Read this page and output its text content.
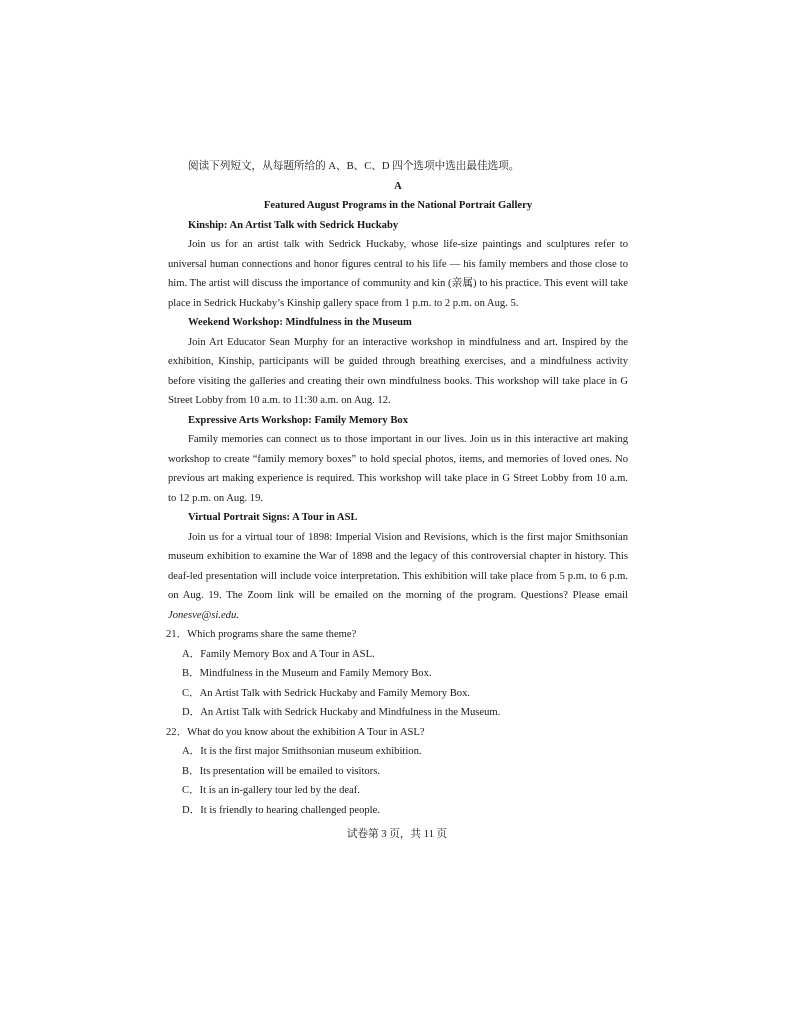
阅读下列短文，从每题所给的 A、B、C、D 四个选项中选出最佳选项。

A

Featured August Programs in the National Portrait Gallery

Kinship: An Artist Talk with Sedrick Huckaby

Join us for an artist talk with Sedrick Huckaby, whose life-size paintings and sculptures refer to universal human connections and honor figures central to his life — his family members and those close to him. The artist will discuss the importance of community and kin (亲属) to his practice. This event will take place in Sedrick Huckaby’s Kinship gallery space from 1 p.m. to 2 p.m. on Aug. 5.

Weekend Workshop: Mindfulness in the Museum

Join Art Educator Sean Murphy for an interactive workshop in mindfulness and art. Inspired by the exhibition, Kinship, participants will be guided through breathing exercises, and a mindfulness activity before visiting the galleries and creating their own mindfulness books. This workshop will take place in G Street Lobby from 10 a.m. to 11:30 a.m. on Aug. 12.

Expressive Arts Workshop: Family Memory Box

Family memories can connect us to those important in our lives. Join us in this interactive art making workshop to create “family memory boxes” to hold special photos, items, and memories of loved ones. No previous art making experience is required. This workshop will take place in G Street Lobby from 10 a.m. to 12 p.m. on Aug. 19.

Virtual Portrait Signs: A Tour in ASL

Join us for a virtual tour of 1898: Imperial Vision and Revisions, which is the first major Smithsonian museum exhibition to examine the War of 1898 and the legacy of this controversial chapter in history. This deaf-led presentation will include voice interpretation. This exhibition will take place from 5 p.m. to 6 p.m. on Aug. 19. The Zoom link will be emailed on the morning of the program. Questions? Please email Jonesve@si.edu.

21．Which programs share the same theme?

A．Family Memory Box and A Tour in ASL.

B．Mindfulness in the Museum and Family Memory Box.

C．An Artist Talk with Sedrick Huckaby and Family Memory Box.

D．An Artist Talk with Sedrick Huckaby and Mindfulness in the Museum.

22．What do you know about the exhibition A Tour in ASL?

A．It is the first major Smithsonian museum exhibition.

B．Its presentation will be emailed to visitors.

C．It is an in-gallery tour led by the deaf.

D．It is friendly to hearing challenged people.

试卷第 3 页，共 11 页
